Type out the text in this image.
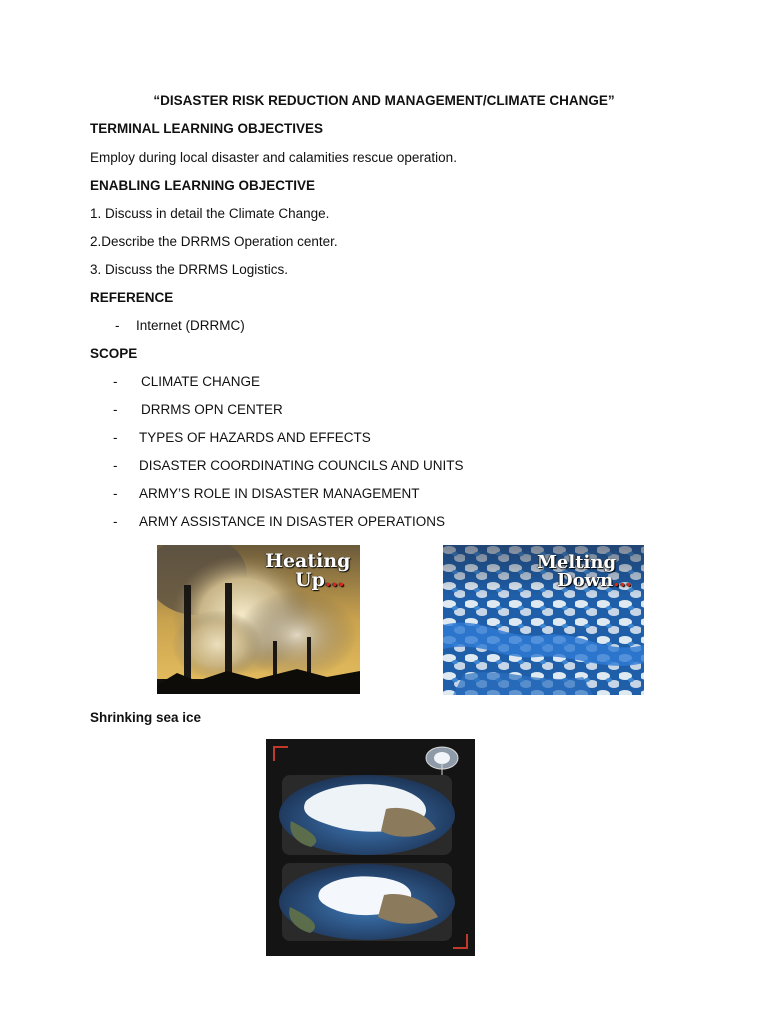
“DISASTER RISK REDUCTION AND MANAGEMENT/CLIMATE CHANGE”
TERMINAL LEARNING OBJECTIVES
Employ during local disaster and calamities rescue operation.
ENABLING LEARNING OBJECTIVE
1. Discuss in detail the Climate Change.
2.Describe the DRRMS Operation center.
3. Discuss the DRRMS Logistics.
REFERENCE
- Internet (DRRMC)
SCOPE
- CLIMATE CHANGE
- DRRMS OPN CENTER
- TYPES OF HAZARDS AND EFFECTS
- DISASTER COORDINATING COUNCILS AND UNITS
- ARMY’S ROLE IN DISASTER MANAGEMENT
- ARMY ASSISTANCE IN DISASTER OPERATIONS
Heating
Up...
Melting
Down...
Shrinking sea ice
